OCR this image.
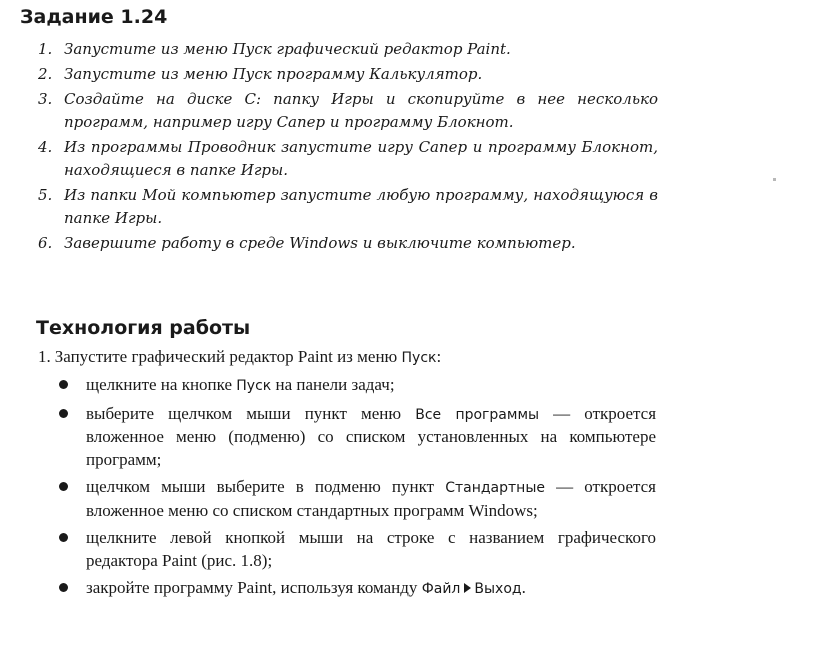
Задание 1.24
1. Запустите из меню Пуск графический редактор Paint.
2. Запустите из меню Пуск программу Калькулятор.
3. Создайте на диске С: папку Игры и скопируйте в нее несколько программ, например игру Сапер и программу Блокнот.
4. Из программы Проводник запустите игру Сапер и программу Блокнот, находящиеся в папке Игры.
5. Из папки Мой компьютер запустите любую программу, находящуюся в папке Игры.
6. Завершите работу в среде Windows и выключите компьютер.
Технология работы
1. Запустите графический редактор Paint из меню Пуск:
щелкните на кнопке Пуск на панели задач;
выберите щелчком мыши пункт меню Все программы — откроется вложенное меню (подменю) со списком установленных на компьютере программ;
щелчком мыши выберите в подменю пункт Стандартные — откроется вложенное меню со списком стандартных программ Windows;
щелкните левой кнопкой мыши на строке с названием графического редактора Paint (рис. 1.8);
закройте программу Paint, используя команду Файл Выход.
